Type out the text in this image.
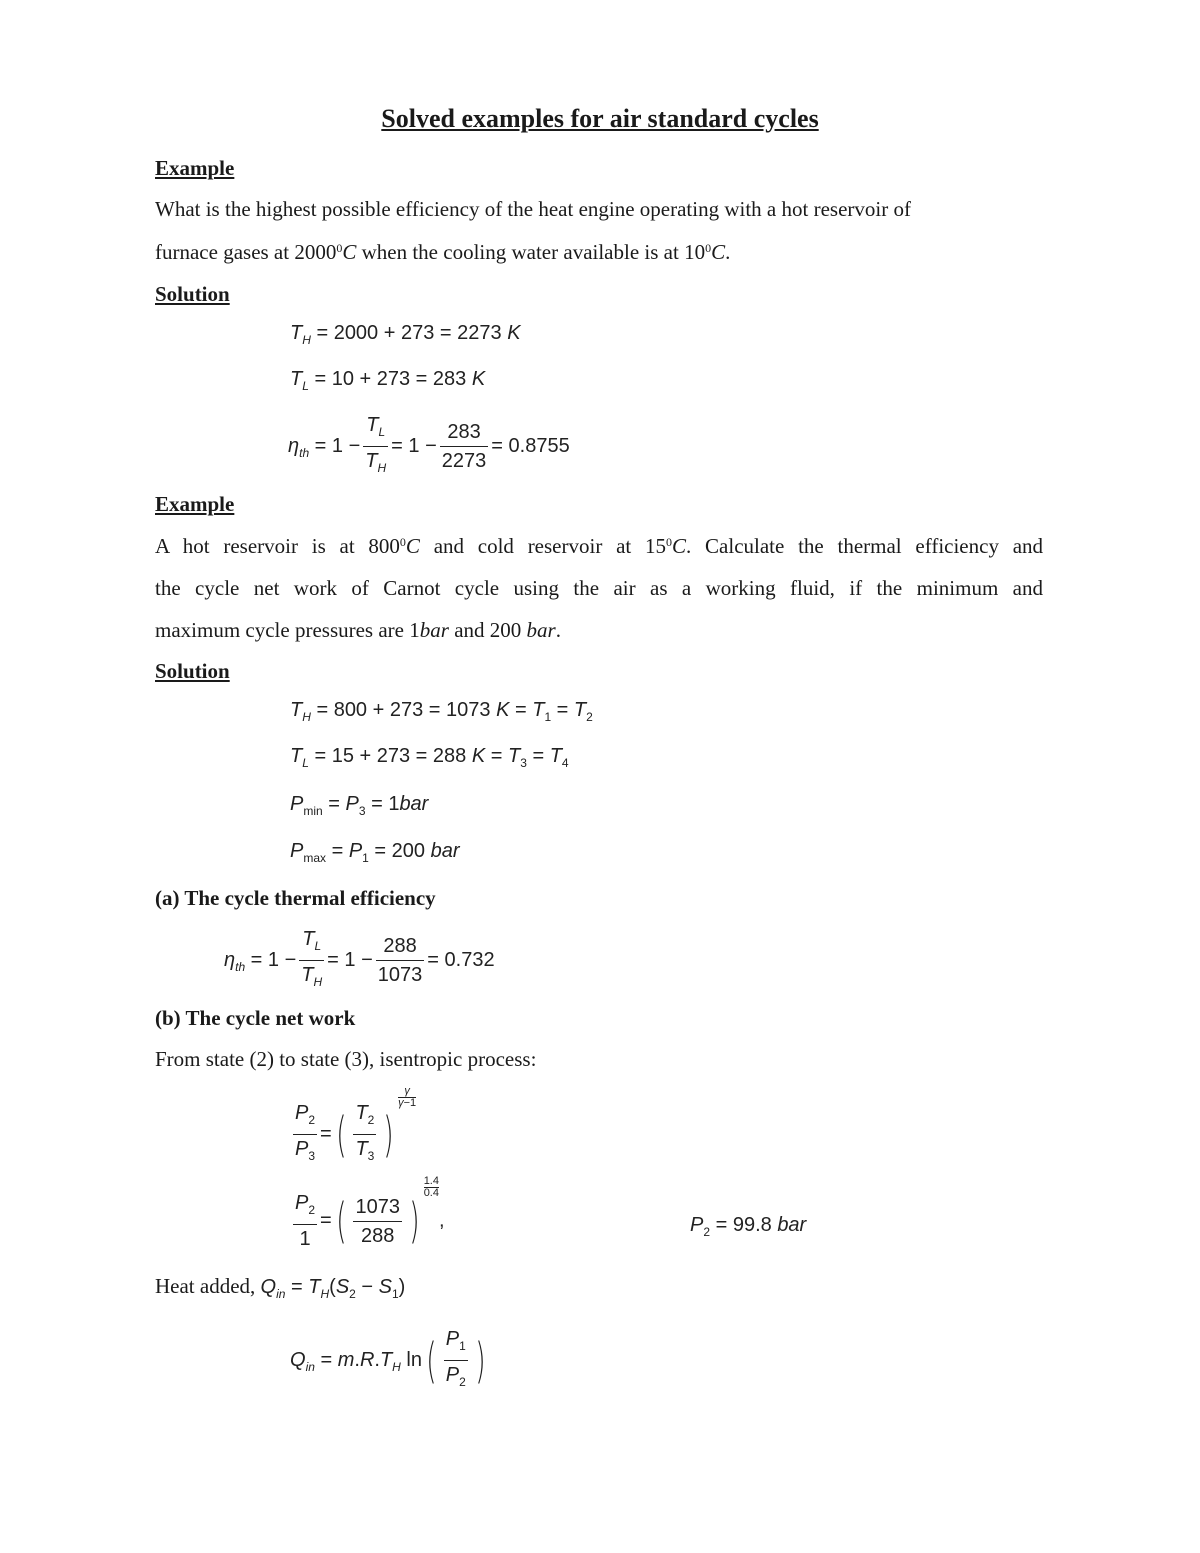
Solved examples for air standard cycles
Example
What is the highest possible efficiency of the heat engine operating with a hot reservoir of
furnace gases at 2000$^0$C when the cooling water available is at $10^0C$.
Solution
$T_H = 2000 + 273 = 2273$ K
$T_L = 10 + 273 = 283$ K
$\eta_{th} = 1 - \frac{T_L}{T_H} = 1 - \frac{283}{2273} = 0.8755$
Example
A hot reservoir is at $800^0C$ and cold reservoir at $15^0C$. Calculate the thermal efficiency and
the cycle net work of Carnot cycle using the air as a working fluid, if the minimum and
maximum cycle pressures are 1bar and 200 bar.
Solution
$T_H = 800 + 273 = 1073$ $K = T_1 = T_2$
$T_L = 15 + 273 = 288$ $K = T_3 = T_4$
$P_{min} = P_3 = 1bar$
$P_{max} = P_1 = 200$ bar
(a) The cycle thermal efficiency
$\eta_{th} = 1 - \frac{T_L}{T_H} = 1 - \frac{288}{1073} = 0.732$
(b) The cycle net work
From state (2) to state (3), isentropic process:
$\frac{P_2}{P_3}$ =( $\frac{T_2}{T_3}$ )
$\frac{\gamma}{\gamma-1}$
$\frac{P_2}{1}$ =( $\frac{1073}{288}$ )
$\frac{1.4}{0.4}$
,	$P_2 = 99.8$ bar
Heat added, $Q_{in} = T_H(S_2 - S_1)$
$Q_{in} = m.R.T_H$ $\ln( \frac{P_1}{P_2}$ )
